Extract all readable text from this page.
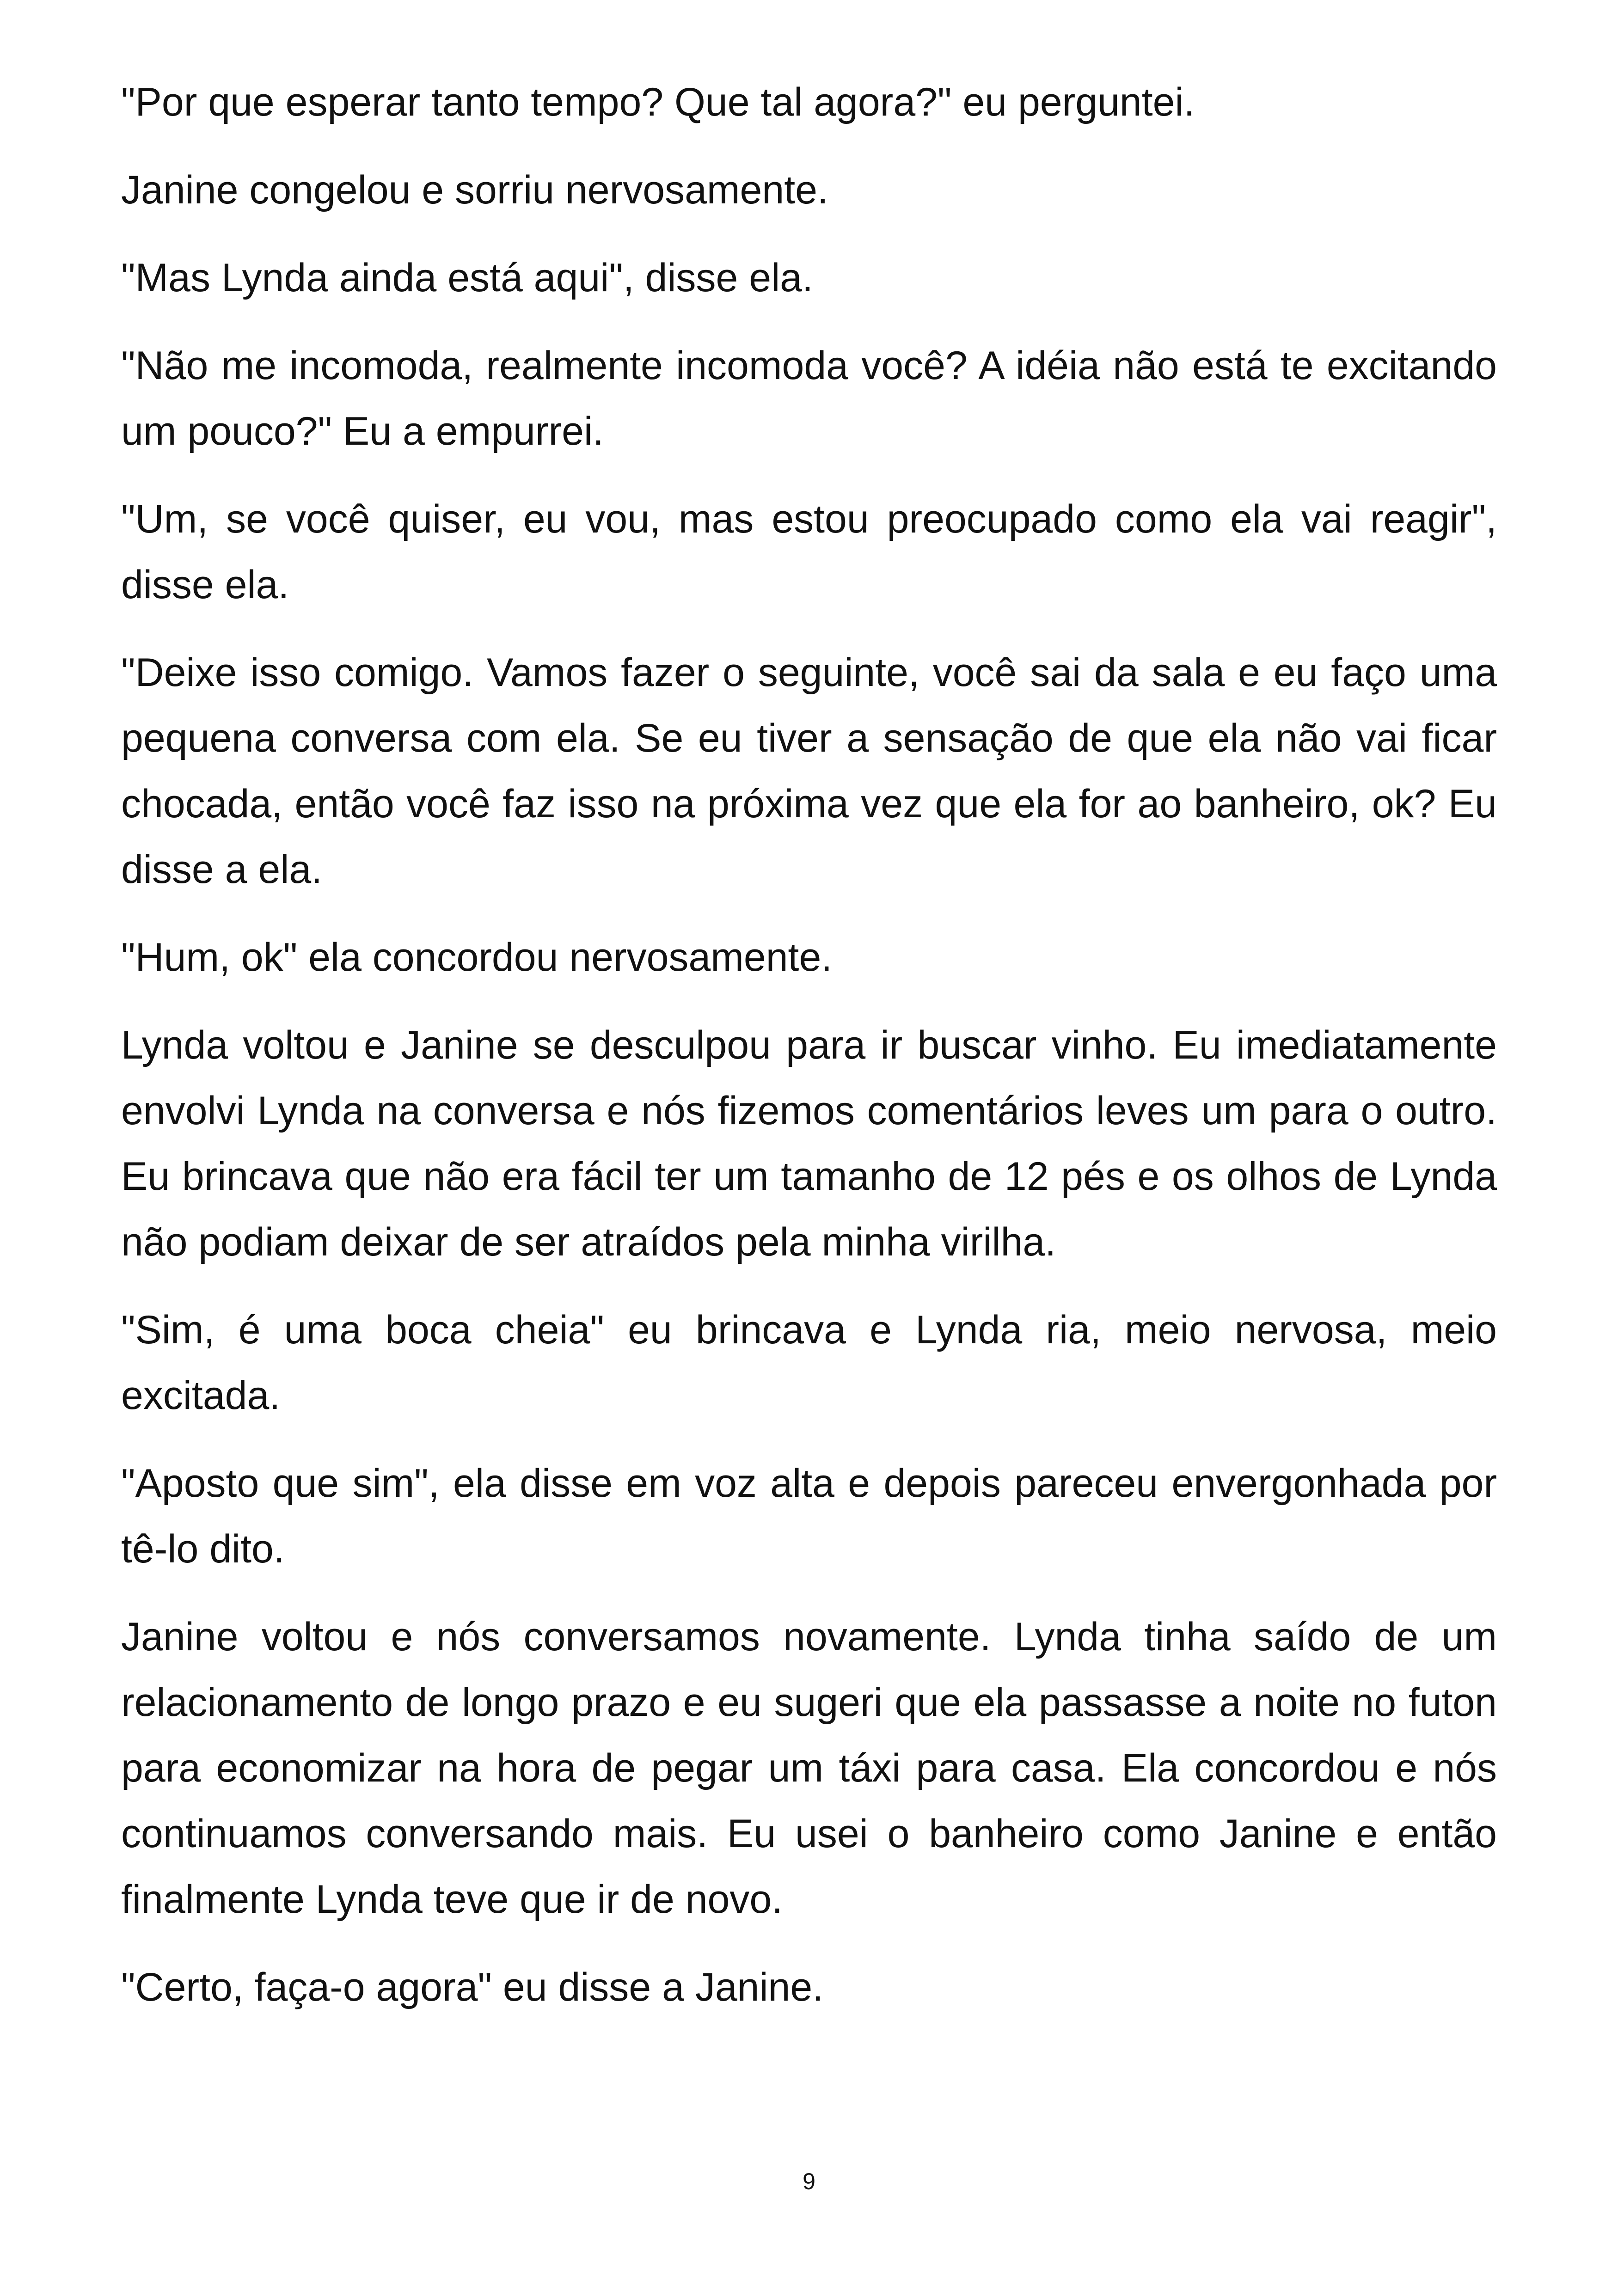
"Por que esperar tanto tempo? Que tal agora?" eu perguntei.

Janine congelou e sorriu nervosamente.

"Mas Lynda ainda está aqui", disse ela.

"Não me incomoda, realmente incomoda você? A idéia não está te excitando um pouco?" Eu a empurrei.

"Um, se você quiser, eu vou, mas estou preocupado como ela vai reagir", disse ela.

"Deixe isso comigo. Vamos fazer o seguinte, você sai da sala e eu faço uma pequena conversa com ela. Se eu tiver a sensação de que ela não vai ficar chocada, então você faz isso na próxima vez que ela for ao banheiro, ok? Eu disse a ela.

"Hum, ok" ela concordou nervosamente.

Lynda voltou e Janine se desculpou para ir buscar vinho. Eu imediatamente envolvi Lynda na conversa e nós fizemos comentários leves um para o outro. Eu brincava que não era fácil ter um tamanho de 12 pés e os olhos de Lynda não podiam deixar de ser atraídos pela minha virilha.

"Sim, é uma boca cheia" eu brincava e Lynda ria, meio nervosa, meio excitada.

"Aposto que sim", ela disse em voz alta e depois pareceu envergonhada por tê-lo dito.

Janine voltou e nós conversamos novamente. Lynda tinha saído de um relacionamento de longo prazo e eu sugeri que ela passasse a noite no futon para economizar na hora de pegar um táxi para casa. Ela concordou e nós continuamos conversando mais. Eu usei o banheiro como Janine e então finalmente Lynda teve que ir de novo.

"Certo, faça-o agora" eu disse a Janine.

9
